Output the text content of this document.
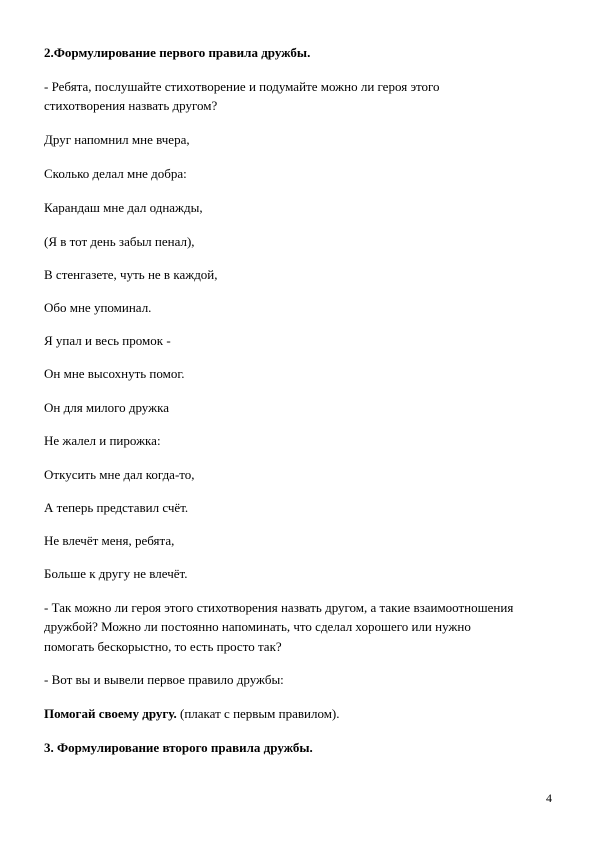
2.Формулирование первого правила дружбы.
- Ребята, послушайте стихотворение и подумайте можно ли героя этого
стихотворения назвать другом?
Друг напомнил мне вчера,
Сколько делал мне добра:
Карандаш мне дал однажды,
(Я в тот день забыл пенал),
В стенгазете, чуть не в каждой,
Обо мне упоминал.
Я упал и весь промок -
Он мне высохнуть помог.
Он для милого дружка
Не жалел и пирожка:
Откусить мне дал когда-то,
А теперь представил счёт.
Не влечёт меня, ребята,
Больше к другу не влечёт.
- Так можно ли героя этого стихотворения назвать другом, а такие взаимоотношения
дружбой? Можно ли постоянно напоминать, что сделал хорошего или нужно
помогать бескорыстно, то есть просто так?
- Вот вы и вывели первое правило дружбы:
Помогай своему другу. (плакат с первым правилом).
3. Формулирование второго правила дружбы.
4
